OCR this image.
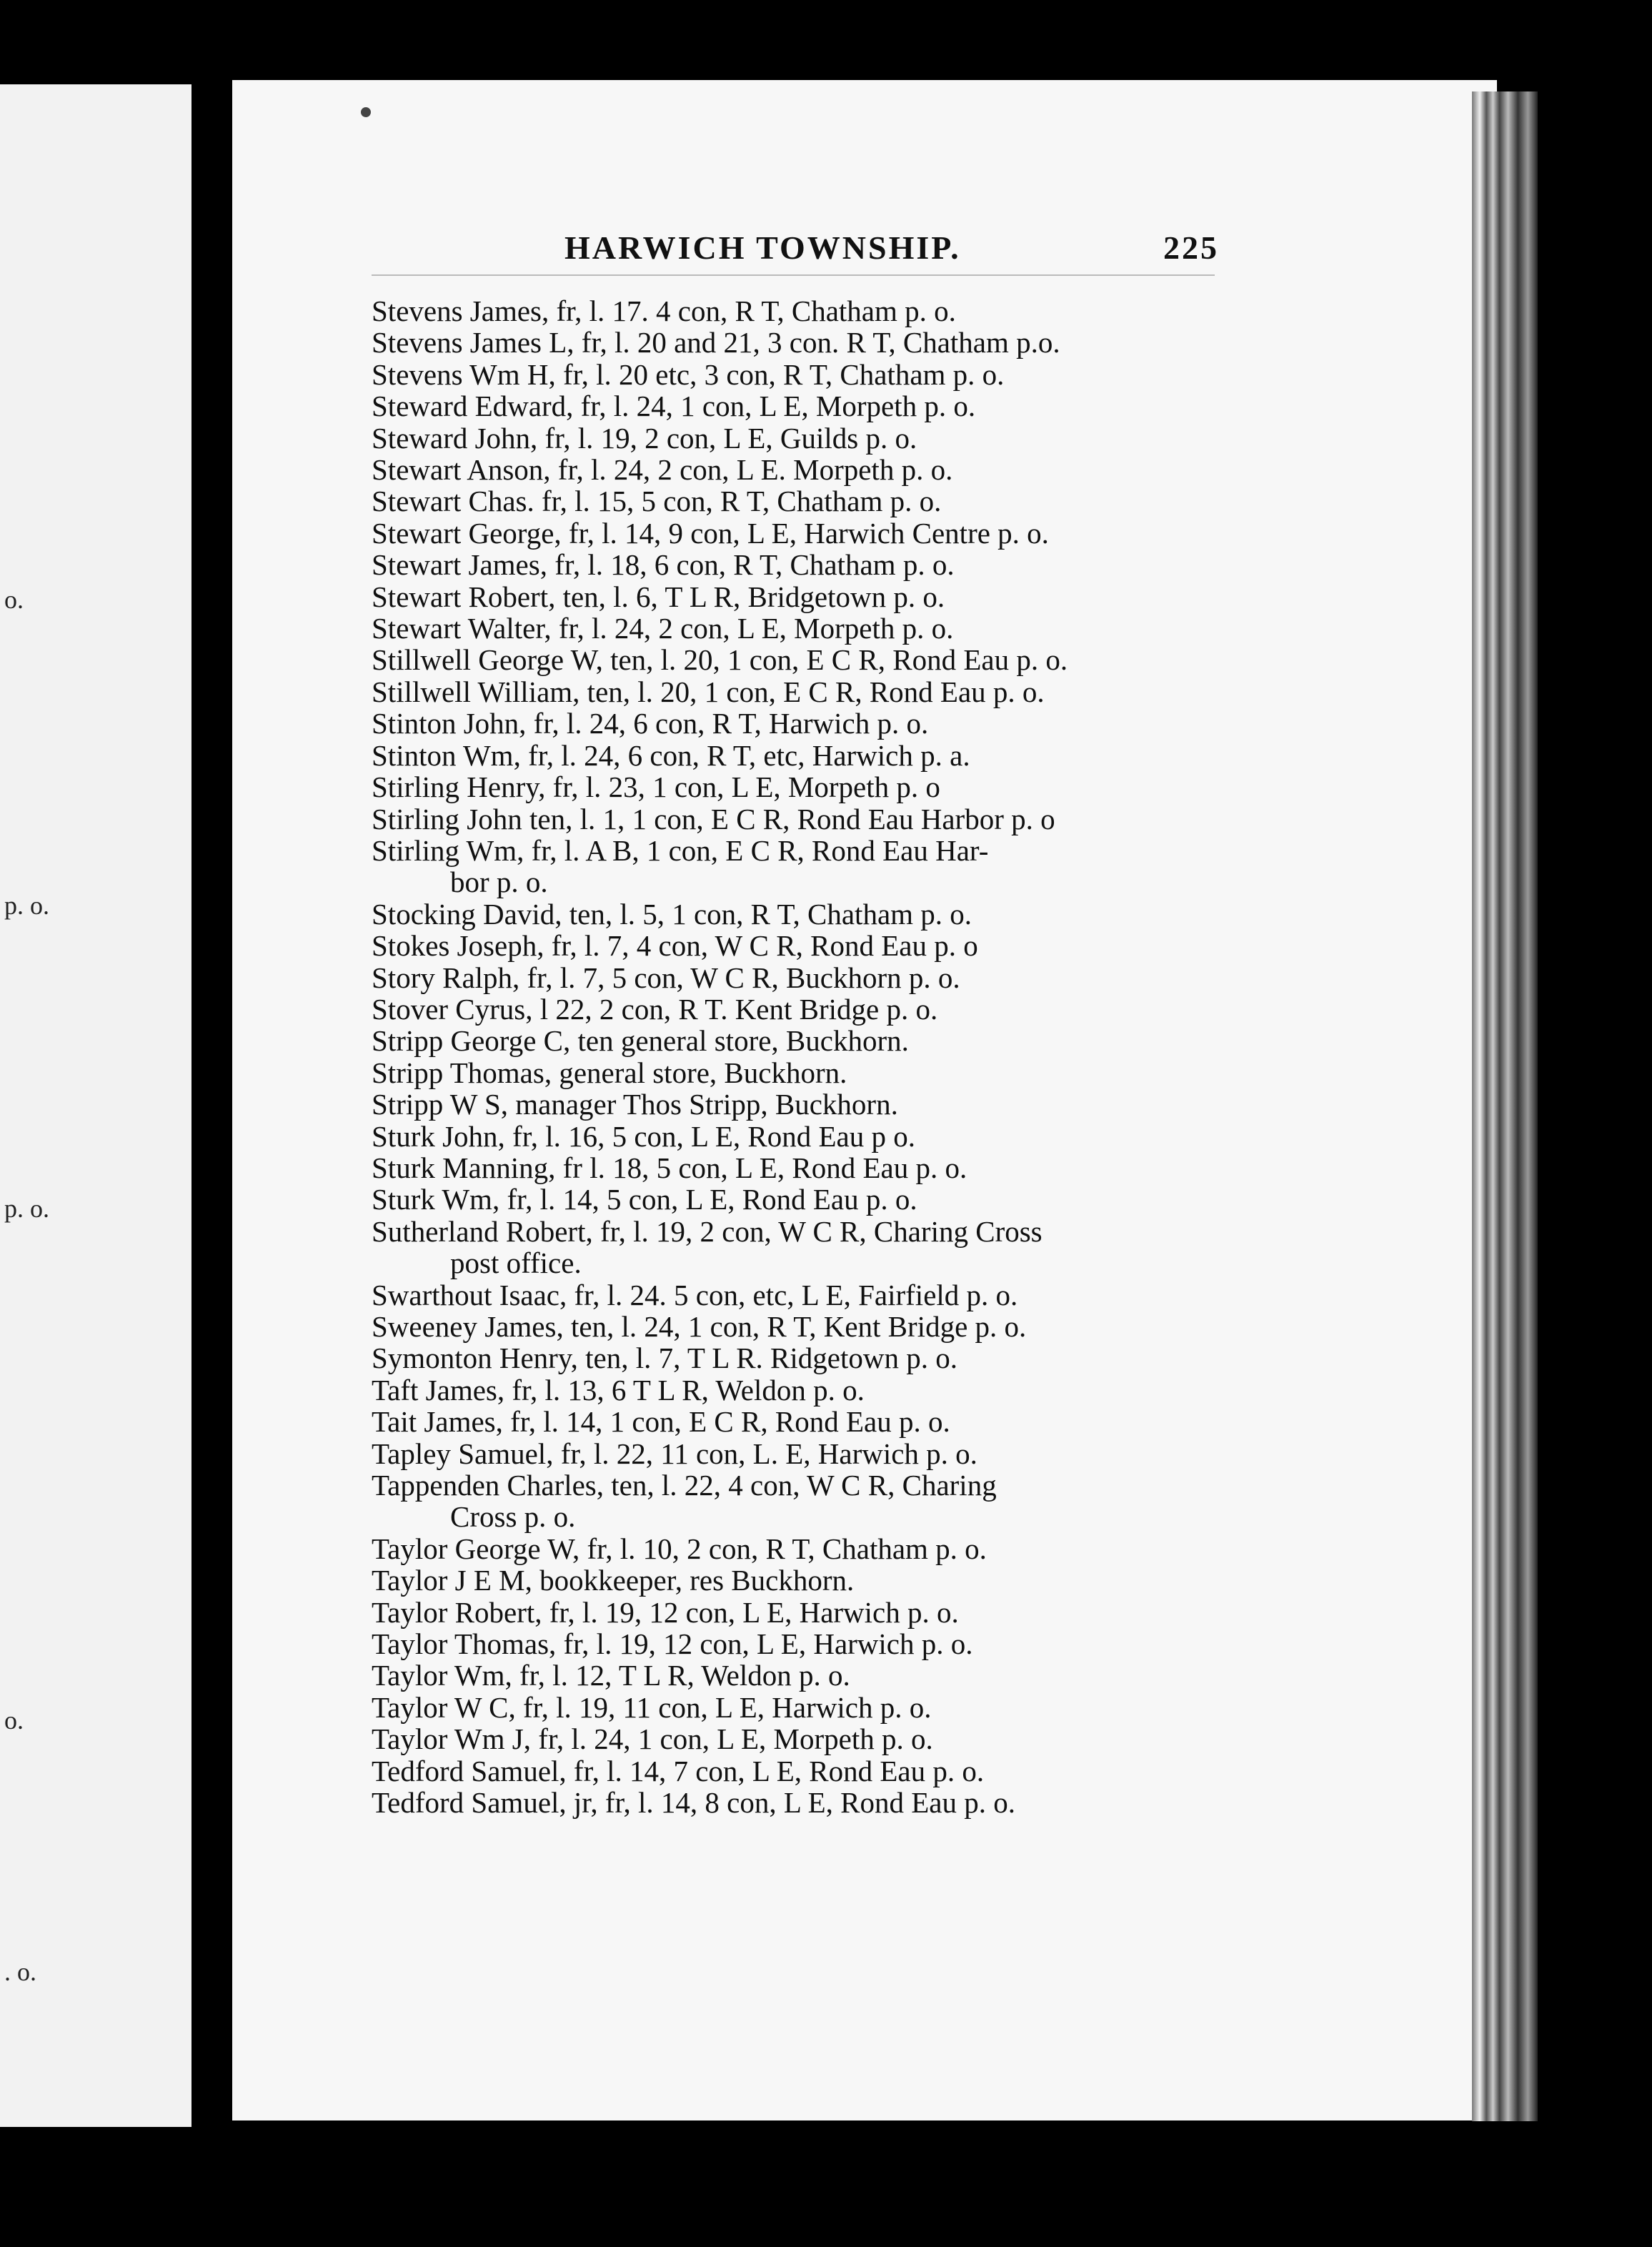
o.
p. o.
p. o.
o.
. o.
HARWICH TOWNSHIP.	225
Stevens James, fr, l. 17. 4 con, R T, Chatham p. o.
Stevens James L, fr, l. 20 and 21, 3 con. R T, Chatham p.o.
Stevens Wm H, fr, l. 20 etc, 3 con, R T, Chatham p. o.
Steward Edward, fr, l. 24, 1 con, L E, Morpeth p. o.
Steward John, fr, l. 19, 2 con, L E, Guilds p. o.
Stewart Anson, fr, l. 24, 2 con, L E. Morpeth p. o.
Stewart Chas. fr, l. 15, 5 con, R T, Chatham p. o.
Stewart George, fr, l. 14, 9 con, L E, Harwich Centre p. o.
Stewart James, fr, l. 18, 6 con, R T, Chatham p. o.
Stewart Robert, ten, l. 6, T L R, Bridgetown p. o.
Stewart Walter, fr, l. 24, 2 con, L E, Morpeth p. o.
Stillwell George W, ten, l. 20, 1 con, E C R, Rond Eau p. o.
Stillwell William, ten, l. 20, 1 con, E C R, Rond Eau p. o.
Stinton John, fr, l. 24, 6 con, R T, Harwich p. o.
Stinton Wm, fr, l. 24, 6 con, R T, etc, Harwich p. a.
Stirling Henry, fr, l. 23, 1 con, L E, Morpeth p. o
Stirling John ten, l. 1, 1 con, E C R, Rond Eau Harbor p. o
Stirling Wm, fr, l. A B, 1 con, E C R, Rond Eau Har-
bor p. o.
Stocking David, ten, l. 5, 1 con, R T, Chatham p. o.
Stokes Joseph, fr, l. 7, 4 con, W C R, Rond Eau p. o
Story Ralph, fr, l. 7, 5 con, W C R, Buckhorn p. o.
Stover Cyrus, l 22, 2 con, R T. Kent Bridge p. o.
Stripp George C, ten general store, Buckhorn.
Stripp Thomas, general store, Buckhorn.
Stripp W S, manager Thos Stripp, Buckhorn.
Sturk John, fr, l. 16, 5 con, L E, Rond Eau p o.
Sturk Manning, fr l. 18, 5 con, L E, Rond Eau p. o.
Sturk Wm, fr, l. 14, 5 con, L E, Rond Eau p. o.
Sutherland Robert, fr, l. 19, 2 con, W C R, Charing Cross
post office.
Swarthout Isaac, fr, l. 24. 5 con, etc, L E, Fairfield p. o.
Sweeney James, ten, l. 24, 1 con, R T, Kent Bridge p. o.
Symonton Henry, ten, l. 7, T L R. Ridgetown p. o.
Taft James, fr, l. 13, 6 T L R, Weldon p. o.
Tait James, fr, l. 14, 1 con, E C R, Rond Eau p. o.
Tapley Samuel, fr, l. 22, 11 con, L. E, Harwich p. o.
Tappenden Charles, ten, l. 22, 4 con, W C R, Charing
Cross p. o.
Taylor George W, fr, l. 10, 2 con, R T, Chatham p. o.
Taylor J E M, bookkeeper, res Buckhorn.
Taylor Robert, fr, l. 19, 12 con, L E, Harwich p. o.
Taylor Thomas, fr, l. 19, 12 con, L E, Harwich p. o.
Taylor Wm, fr, l. 12, T L R, Weldon p. o.
Taylor W C, fr, l. 19, 11 con, L E, Harwich p. o.
Taylor Wm J, fr, l. 24, 1 con, L E, Morpeth p. o.
Tedford Samuel, fr, l. 14, 7 con, L E, Rond Eau p. o.
Tedford Samuel, jr, fr, l. 14, 8 con, L E, Rond Eau p. o.
